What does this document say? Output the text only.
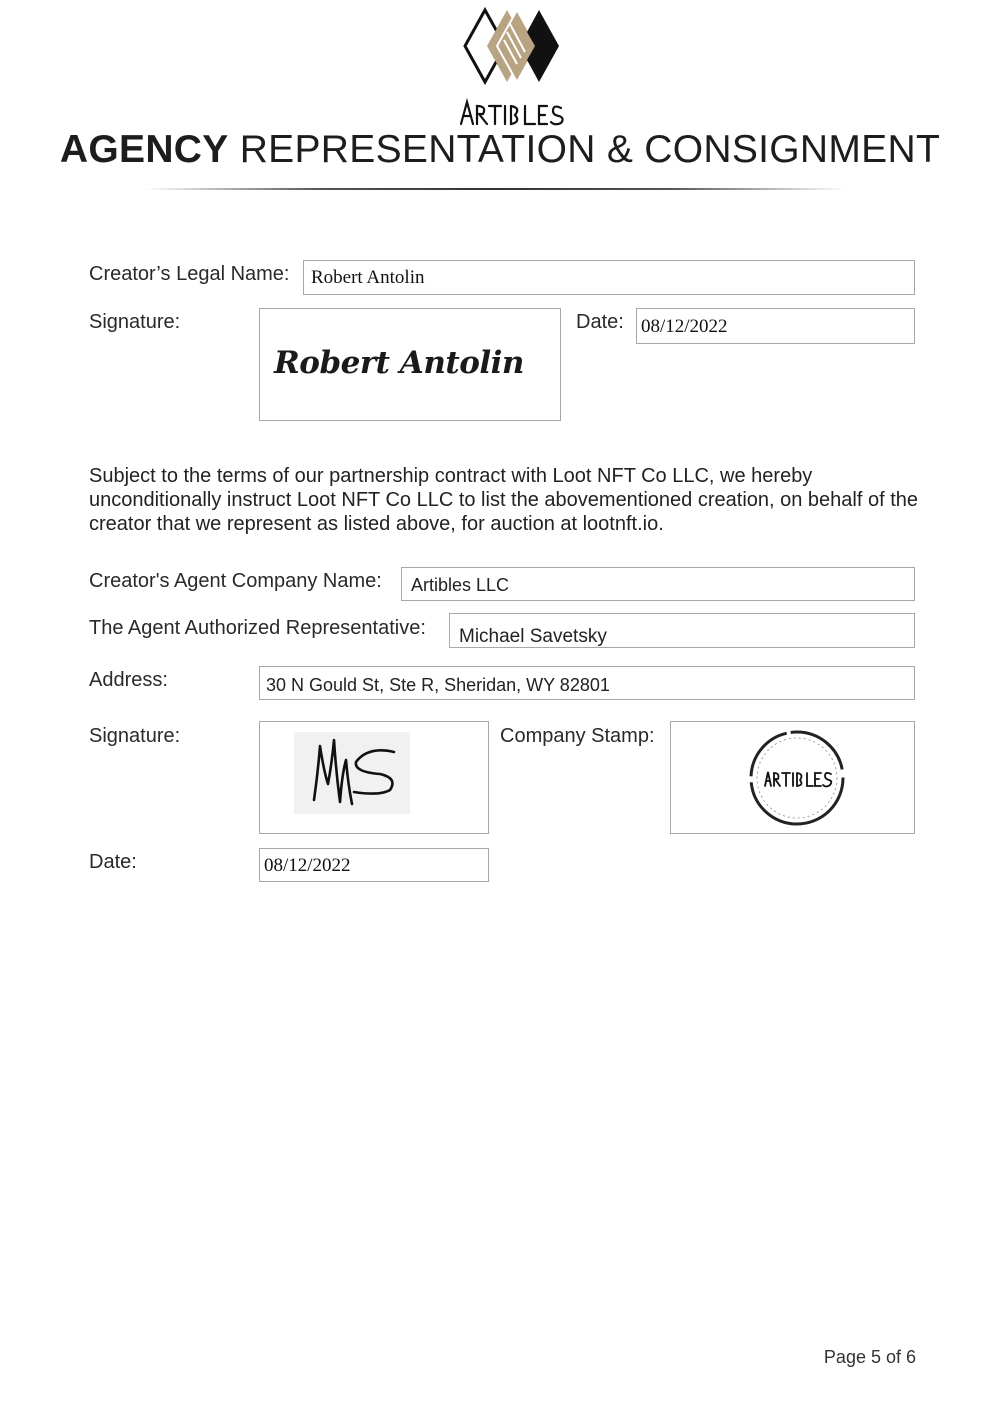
AGENCY REPRESENTATION & CONSIGNMENT
Creator’s Legal Name: Robert Antolin
Signature:
Robert Antolin
Date: 08/12/2022
Subject to the terms of our partnership contract with Loot NFT Co LLC, we hereby unconditionally instruct Loot NFT Co LLC to list the abovementioned creation, on behalf of the creator that we represent as listed above, for auction at lootnft.io.
Creator's Agent Company Name: Artibles LLC
The Agent Authorized Representative: Michael Savetsky
Address:	30 N Gould St, Ste R, Sheridan, WY 82801
Signature:	Company Stamp:
Date:	08/12/2022
Page 5 of 6
